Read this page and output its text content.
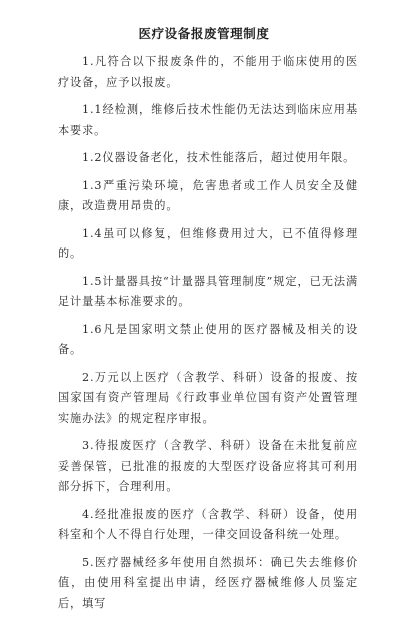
医疗设备报废管理制度

1.凡符合以下报废条件的，不能用于临床使用的医疗设备，应予以报废。

1.1经检测，维修后技术性能仍无法达到临床应用基本要求。

1.2仪器设备老化，技术性能落后，超过使用年限。

1.3严重污染环境，危害患者或工作人员安全及健康，改造费用昂贵的。

1.4虽可以修复，但维修费用过大，已不值得修理的。

1.5计量器具按“计量器具管理制度”规定，已无法满足计量基本标准要求的。

1.6凡是国家明文禁止使用的医疗器械及相关的设备。

2.万元以上医疗（含教学、科研）设备的报废、按国家国有资产管理局《行政事业单位国有资产处置管理实施办法》的规定程序审报。

3.待报废医疗（含教学、科研）设备在未批复前应妥善保管，已批准的报废的大型医疗设备应将其可利用部分拆下，合理利用。

4.经批准报废的医疗（含教学、科研）设备，使用科室和个人不得自行处理，一律交回设备科统一处理。

5.医疗器械经多年使用自然损坏：确已失去维修价值，由使用科室提出申请，经医疗器械维修人员鉴定后，填写
